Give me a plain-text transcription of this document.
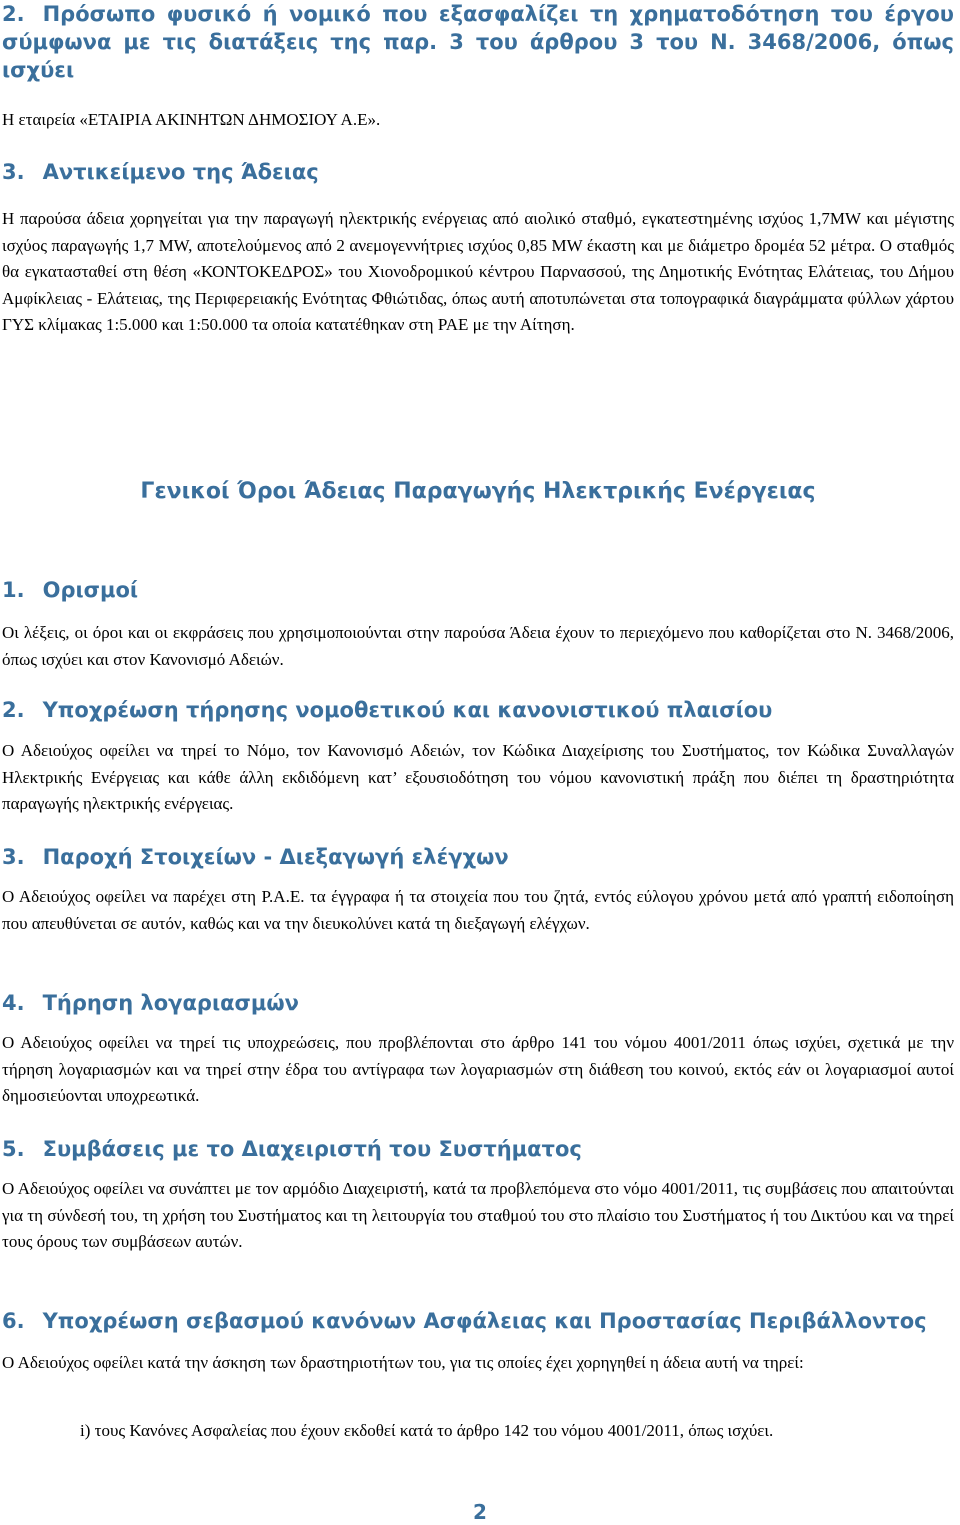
2. Πρόσωπο φυσικό ή νομικό που εξασφαλίζει τη χρηματοδότηση του έργου σύμφωνα με τις διατάξεις της παρ. 3 του άρθρου 3 του Ν. 3468/2006, όπως ισχύει

Η εταιρεία «ΕΤΑΙΡΙΑ ΑΚΙΝΗΤΩΝ ΔΗΜΟΣΙΟΥ Α.Ε».

3. Αντικείμενο της Άδειας

Η παρούσα άδεια χορηγείται για την παραγωγή ηλεκτρικής ενέργειας από αιολικό σταθμό, εγκατεστημένης ισχύος 1,7MW και μέγιστης ισχύος παραγωγής 1,7 MW, αποτελούμενος από 2 ανεμογεννήτριες ισχύος 0,85 MW έκαστη και με διάμετρο δρομέα 52 μέτρα. Ο σταθμός θα εγκατασταθεί στη θέση «ΚΟΝΤΟΚΕΔΡΟΣ» του Χιονοδρομικού κέντρου Παρνασσού, της Δημοτικής Ενότητας Ελάτειας, του Δήμου Αμφίκλειας - Ελάτειας, της Περιφερειακής Ενότητας Φθιώτιδας, όπως αυτή αποτυπώνεται στα τοπογραφικά διαγράμματα φύλλων χάρτου ΓΥΣ κλίμακας 1:5.000 και 1:50.000 τα οποία κατατέθηκαν στη ΡΑΕ με την Αίτηση.

Γενικοί Όροι Άδειας Παραγωγής Ηλεκτρικής Ενέργειας

1. Ορισμοί

Οι λέξεις, οι όροι και οι εκφράσεις που χρησιμοποιούνται στην παρούσα Άδεια έχουν το περιεχόμενο που καθορίζεται στο Ν. 3468/2006, όπως ισχύει και στον Κανονισμό Αδειών.

2. Υποχρέωση τήρησης νομοθετικού και κανονιστικού πλαισίου

Ο Αδειούχος οφείλει να τηρεί το Νόμο, τον Κανονισμό Αδειών, τον Κώδικα Διαχείρισης του Συστήματος, τον Κώδικα Συναλλαγών Ηλεκτρικής Ενέργειας και κάθε άλλη εκδιδόμενη κατ’ εξουσιοδότηση του νόμου κανονιστική πράξη που διέπει τη δραστηριότητα παραγωγής ηλεκτρικής ενέργειας.

3. Παροχή Στοιχείων - Διεξαγωγή ελέγχων

Ο Αδειούχος οφείλει να παρέχει στη Ρ.Α.Ε. τα έγγραφα ή τα στοιχεία που του ζητά, εντός εύλογου χρόνου μετά από γραπτή ειδοποίηση που απευθύνεται σε αυτόν, καθώς και να την διευκολύνει κατά τη διεξαγωγή ελέγχων.

4. Τήρηση λογαριασμών

Ο Αδειούχος οφείλει να τηρεί τις υποχρεώσεις, που προβλέπονται στο άρθρο 141 του νόμου 4001/2011 όπως ισχύει, σχετικά με την τήρηση λογαριασμών και να τηρεί στην έδρα του αντίγραφα των λογαριασμών στη διάθεση του κοινού, εκτός εάν οι λογαριασμοί αυτοί δημοσιεύονται υποχρεωτικά.

5. Συμβάσεις με το Διαχειριστή του Συστήματος

Ο Αδειούχος οφείλει να συνάπτει με τον αρμόδιο Διαχειριστή, κατά τα προβλεπόμενα στο νόμο 4001/2011, τις συμβάσεις που απαιτούνται για τη σύνδεσή του, τη χρήση του Συστήματος και τη λειτουργία του σταθμού του στο πλαίσιο του Συστήματος ή του Δικτύου και να τηρεί τους όρους των συμβάσεων αυτών.

6. Υποχρέωση σεβασμού κανόνων Ασφάλειας και Προστασίας Περιβάλλοντος

Ο Αδειούχος οφείλει κατά την άσκηση των δραστηριοτήτων του, για τις οποίες έχει χορηγηθεί η άδεια αυτή να τηρεί:

i) τους Κανόνες Ασφαλείας που έχουν εκδοθεί κατά το άρθρο 142 του νόμου 4001/2011, όπως ισχύει.

2
